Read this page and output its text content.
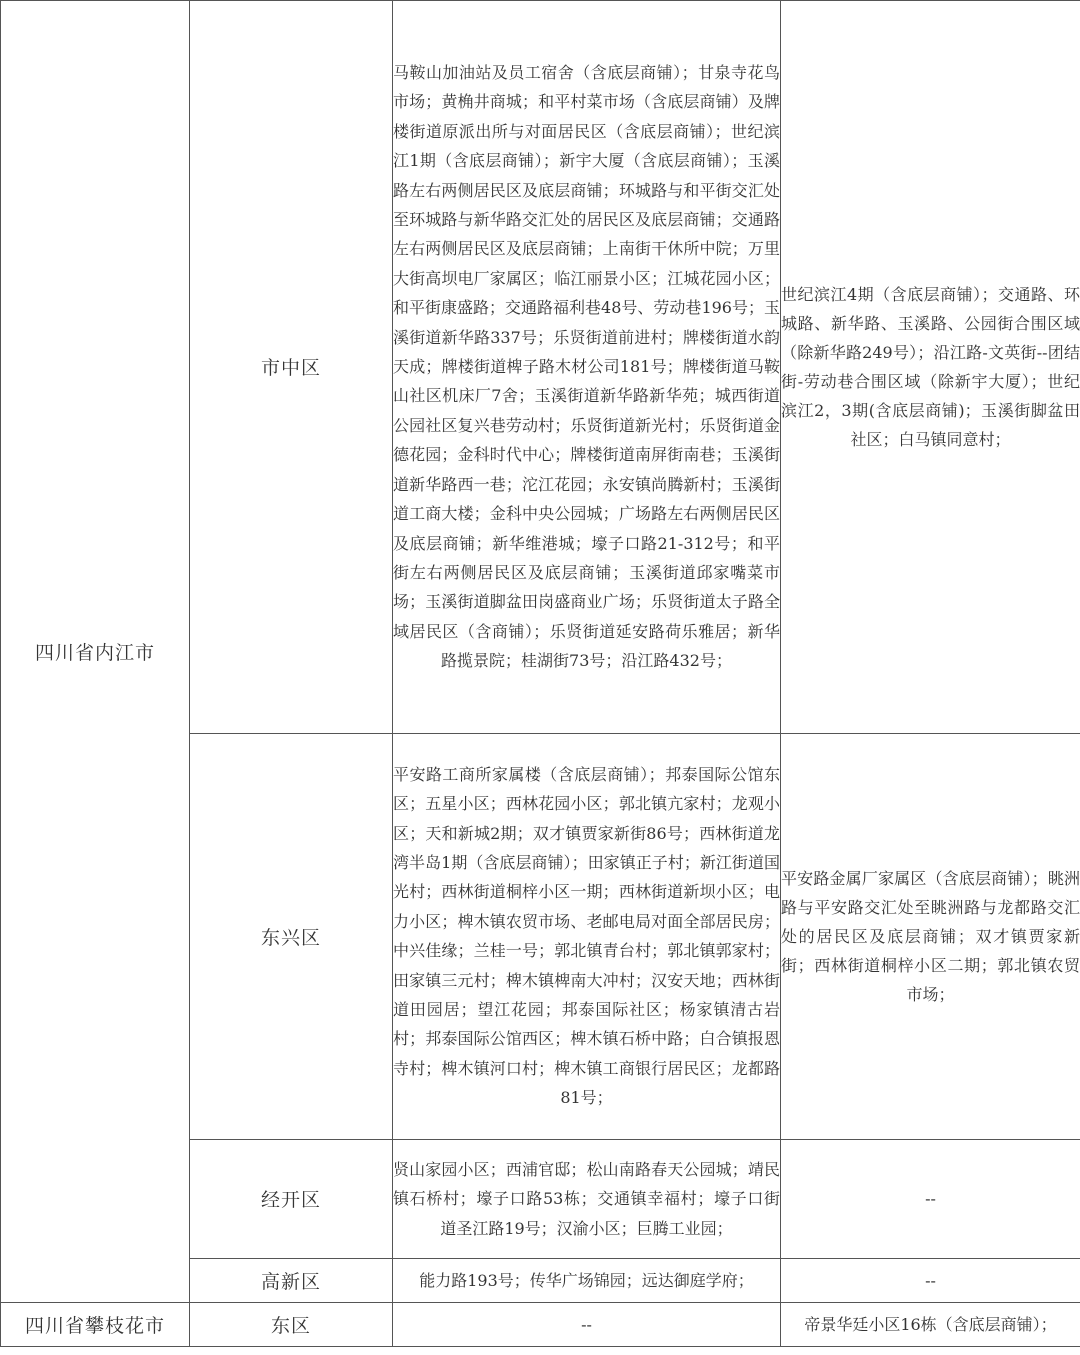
四川省内江市	市中区	马鞍山加油站及员工宿舍（含底层商铺）；甘泉寺花鸟市场；黄桷井商城；和平村菜市场（含底层商铺）及牌楼街道原派出所与对面居民区（含底层商铺）；世纪滨江1期（含底层商铺）；新宇大厦（含底层商铺）；玉溪路左右两侧居民区及底层商铺；环城路与和平街交汇处至环城路与新华路交汇处的居民区及底层商铺；交通路左右两侧居民区及底层商铺；上南街干休所中院；万里大街高坝电厂家属区；临江丽景小区；江城花园小区；和平街康盛路；交通路福利巷48号、劳动巷196号；玉溪街道新华路337号；乐贤街道前进村；牌楼街道水韵天成；牌楼街道椑子路木材公司181号；牌楼街道马鞍山社区机床厂7舍；玉溪街道新华路新华苑；城西街道公园社区复兴巷劳动村；乐贤街道新光村；乐贤街道金德花园；金科时代中心；牌楼街道南屏街南巷；玉溪街道新华路西一巷；沱江花园；永安镇尚腾新村；玉溪街道工商大楼；金科中央公园城；广场路左右两侧居民区及底层商铺；新华维港城；壕子口路21-312号；和平街左右两侧居民区及底层商铺；玉溪街道邱家嘴菜市场；玉溪街道脚盆田岗盛商业广场；乐贤街道太子路全域居民区（含商铺）；乐贤街道延安路荷乐雅居；新华路揽景院；桂湖街73号；沿江路432号；	世纪滨江4期（含底层商铺）；交通路、环城路、新华路、玉溪路、公园街合围区域（除新华路249号）；沿江路-文英街--团结街-劳动巷合围区域（除新宇大厦）；世纪滨江2，3期(含底层商铺)；玉溪街脚盆田社区；白马镇同意村；
	东兴区	平安路工商所家属楼（含底层商铺）；邦泰国际公馆东区；五星小区；西林花园小区；郭北镇亢家村；龙观小区；天和新城2期；双才镇贾家新街86号；西林街道龙湾半岛1期（含底层商铺）；田家镇正子村；新江街道国光村；西林街道桐梓小区一期；西林街道新坝小区；电力小区；椑木镇农贸市场、老邮电局对面全部居民房；中兴佳缘；兰桂一号；郭北镇青台村；郭北镇郭家村；田家镇三元村；椑木镇椑南大冲村；汉安天地；西林街道田园居；望江花园；邦泰国际社区；杨家镇清古岩村；邦泰国际公馆西区；椑木镇石桥中路；白合镇报恩寺村；椑木镇河口村；椑木镇工商银行居民区；龙都路81号；	平安路金属厂家属区（含底层商铺）；眺洲路与平安路交汇处至眺洲路与龙都路交汇处的居民区及底层商铺；双才镇贾家新街；西林街道桐梓小区二期；郭北镇农贸市场；
	经开区	贤山家园小区；西浦官邸；松山南路春天公园城；靖民镇石桥村；壕子口路53栋；交通镇幸福村；壕子口街道圣江路19号；汉渝小区；巨腾工业园；	--
	高新区	能力路193号；传华广场锦园；远达御庭学府；	--
四川省攀枝花市	东区	--	帝景华廷小区16栋（含底层商铺）；
